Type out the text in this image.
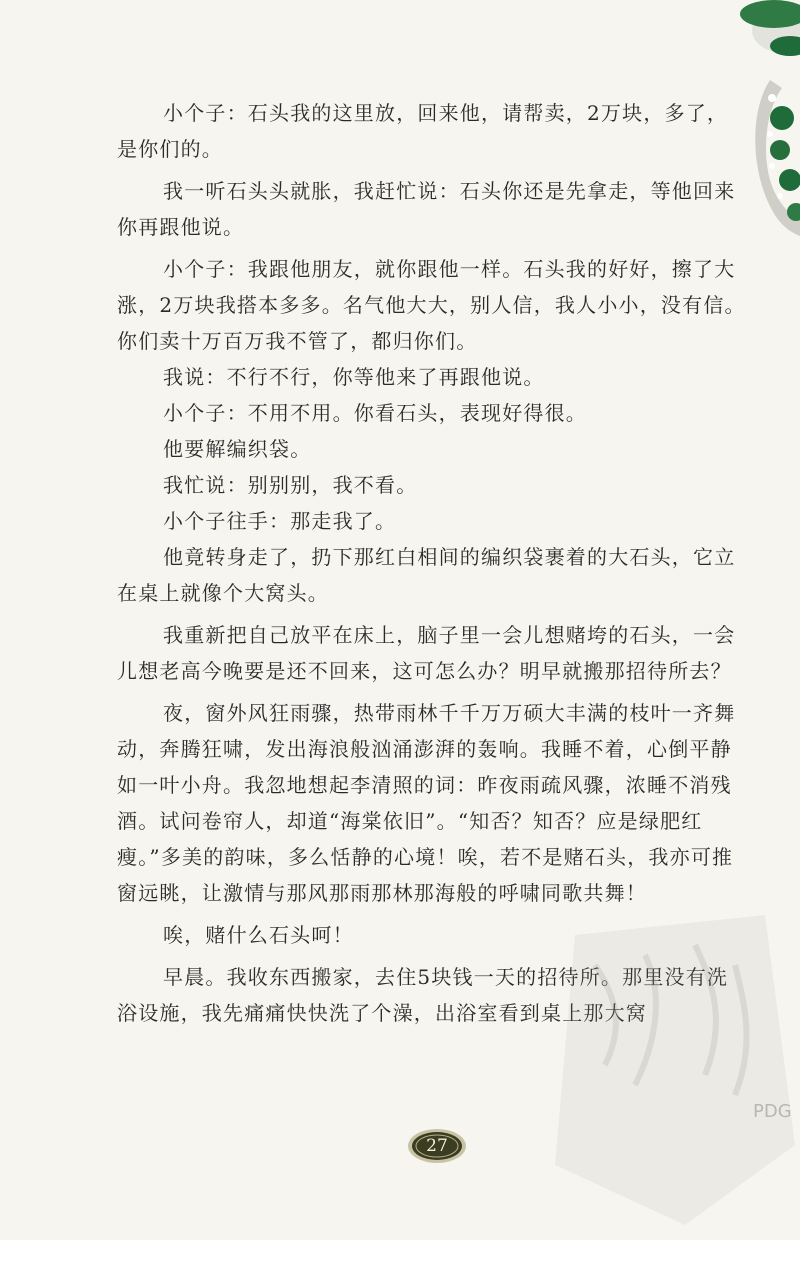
小个子：石头我的这里放，回来他，请帮卖，2万块，多了，是你们的。

我一听石头头就胀，我赶忙说：石头你还是先拿走，等他回来你再跟他说。

小个子：我跟他朋友，就你跟他一样。石头我的好好，擦了大涨，2万块我搭本多多。名气他大大，别人信，我人小小，没有信。你们卖十万百万我不管了，都归你们。

我说：不行不行，你等他来了再跟他说。

小个子：不用不用。你看石头，表现好得很。

他要解编织袋。

我忙说：别别别，我不看。

小个子往手：那走我了。

他竟转身走了，扔下那红白相间的编织袋裹着的大石头，它立在桌上就像个大窝头。

我重新把自己放平在床上，脑子里一会儿想赌垮的石头，一会儿想老高今晚要是还不回来，这可怎么办？明早就搬那招待所去？

夜，窗外风狂雨骤，热带雨林千千万万硕大丰满的枝叶一齐舞动，奔腾狂啸，发出海浪般汹涌澎湃的轰响。我睡不着，心倒平静如一叶小舟。我忽地想起李清照的词：昨夜雨疏风骤，浓睡不消残酒。试问卷帘人，却道“海棠依旧”。“知否？知否？应是绿肥红瘦。”多美的韵味，多么恬静的心境！唉，若不是赌石头，我亦可推窗远眺，让激情与那风那雨那林那海般的呼啸同歌共舞！

唉，赌什么石头呵！

早晨。我收东西搬家，去住5块钱一天的招待所。那里没有洗浴设施，我先痛痛快快洗了个澡，出浴室看到桌上那大窝

PDG
27
